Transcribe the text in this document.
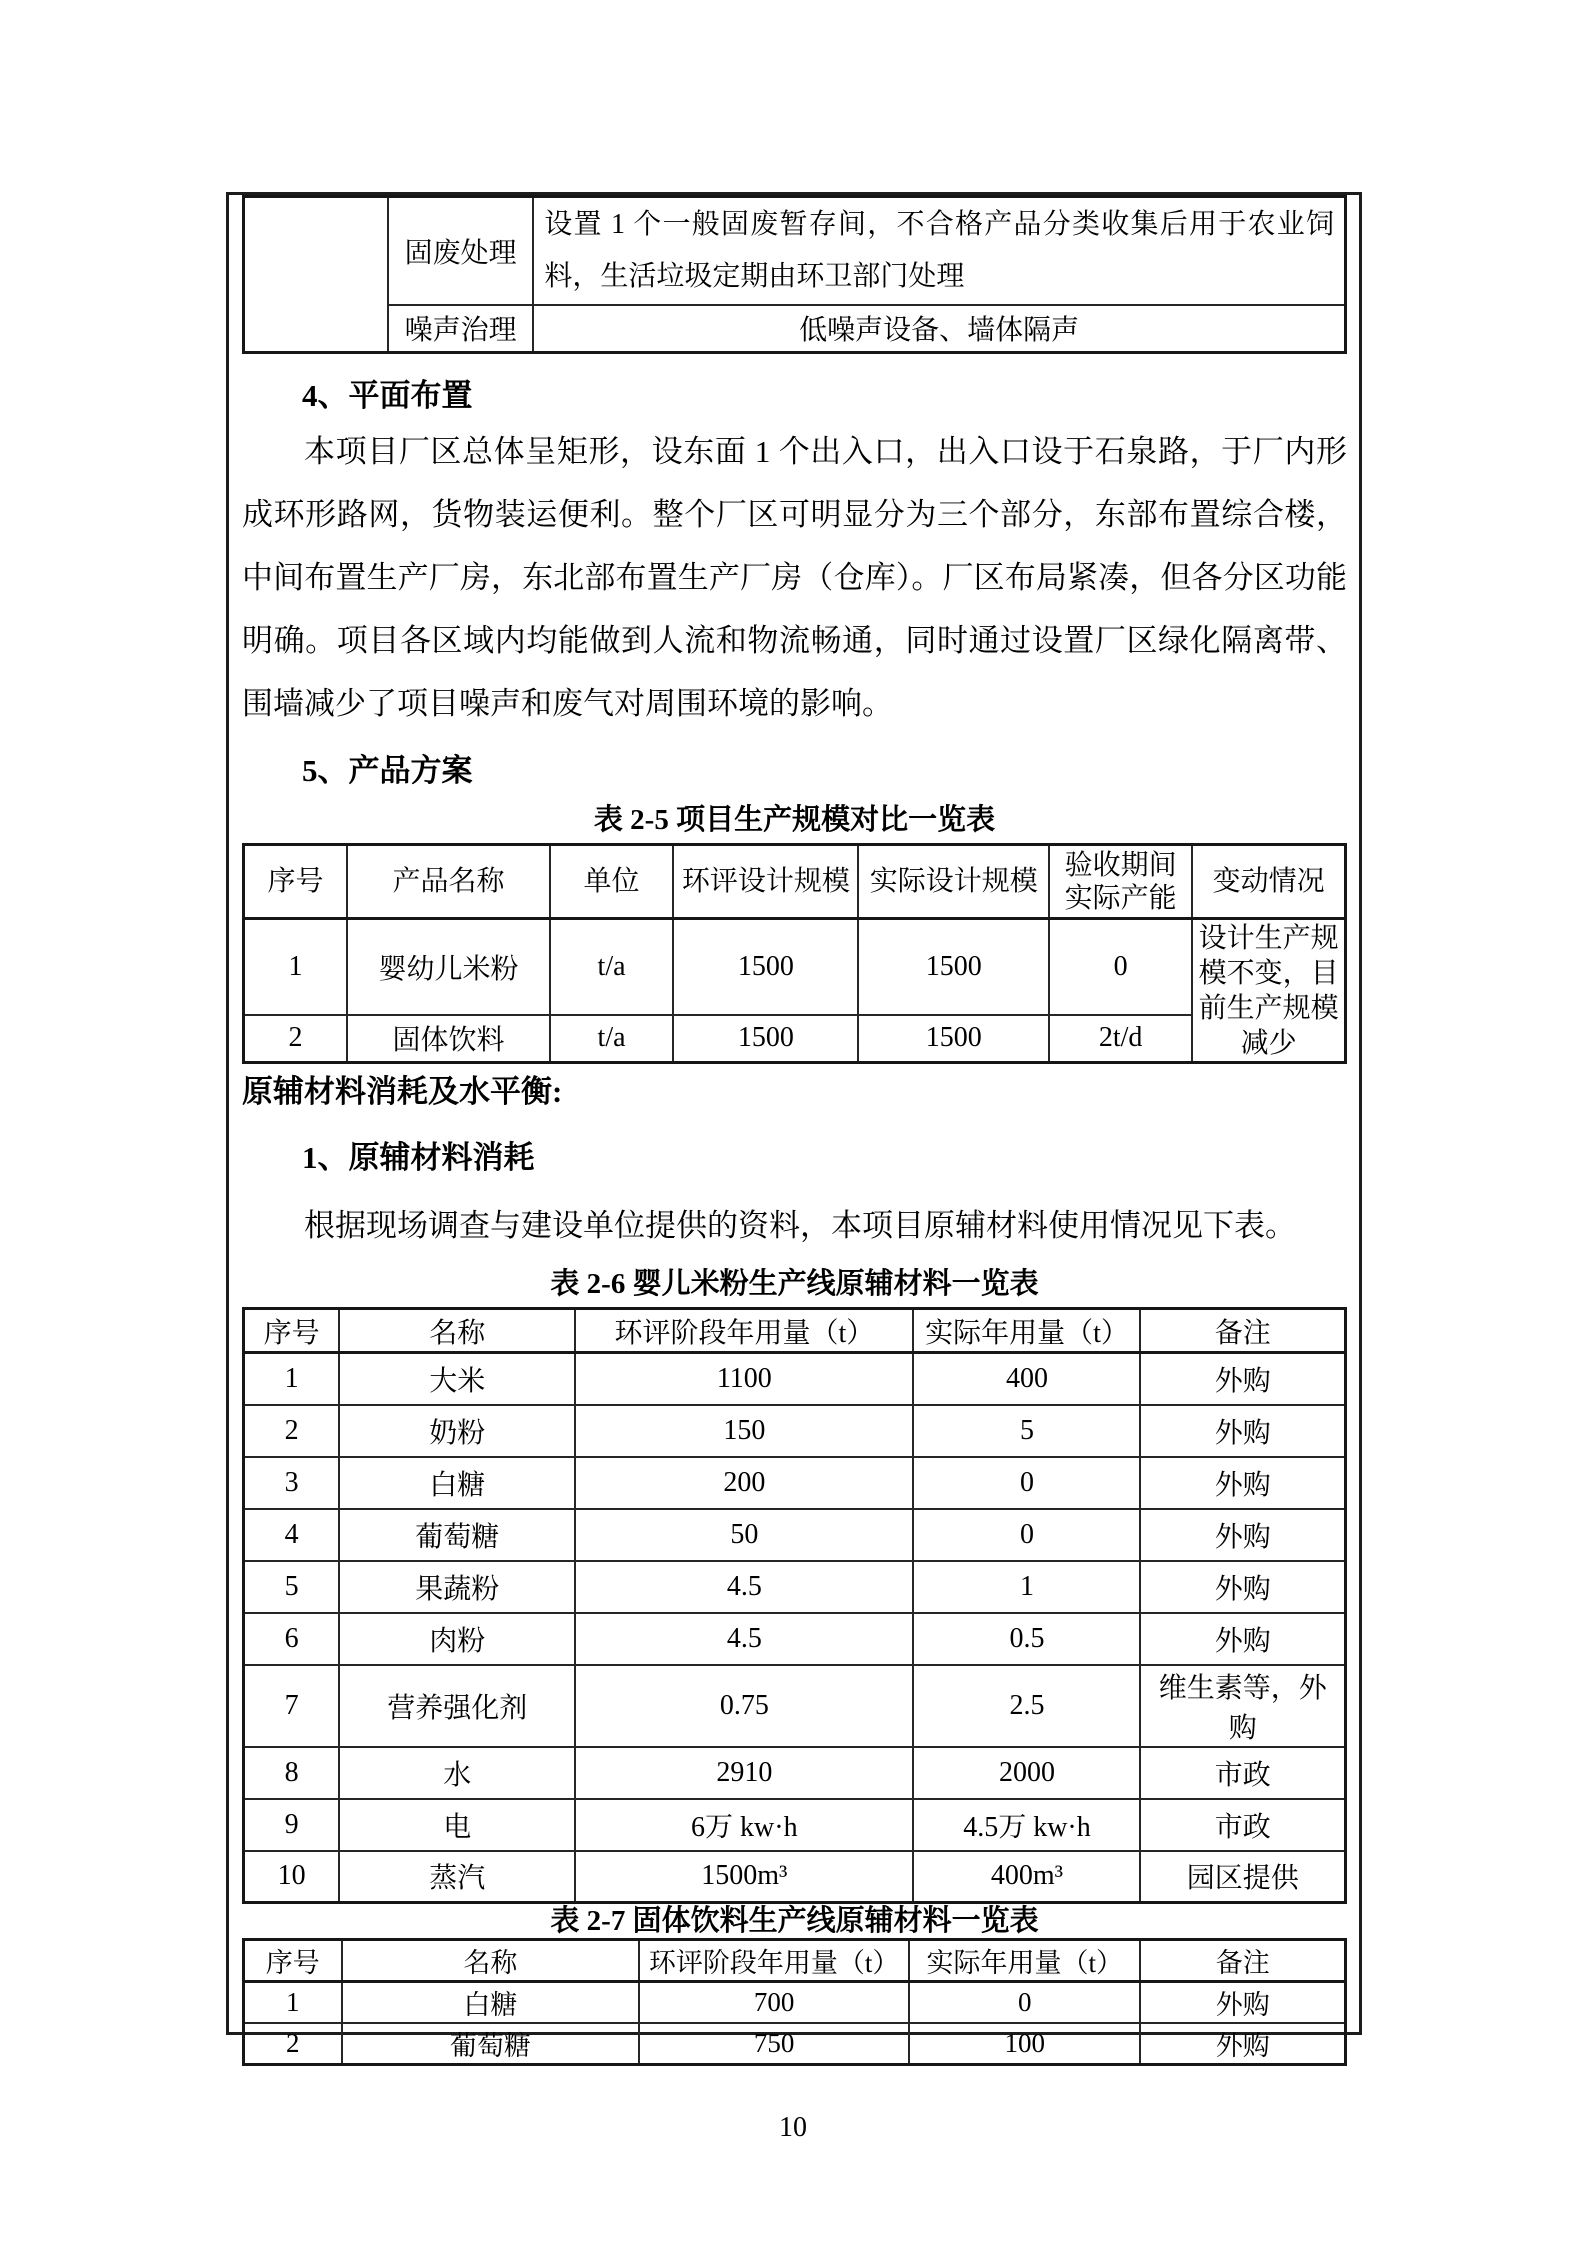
	固废处理	设置 1 个一般固废暂存间，不合格产品分类收集后用于农业饲料，生活垃圾定期由环卫部门处理
	噪声治理	低噪声设备、墙体隔声
4、平面布置

本项目厂区总体呈矩形，设东面 1 个出入口，出入口设于石泉路，于厂内形成环形路网，货物装运便利。整个厂区可明显分为三个部分，东部布置综合楼，中间布置生产厂房，东北部布置生产厂房（仓库）。厂区布局紧凑，但各分区功能明确。项目各区域内均能做到人流和物流畅通，同时通过设置厂区绿化隔离带、围墙减少了项目噪声和废气对周围环境的影响。

5、产品方案
表 2-5 项目生产规模对比一览表
序号	产品名称	单位	环评设计规模	实际设计规模	验收期间实际产能	变动情况
1	婴幼儿米粉	t/a	1500	1500	0	设计生产规模不变，目前生产规模减少
2	固体饮料	t/a	1500	1500	2t/d	
原辅材料消耗及水平衡:
1、原辅材料消耗

根据现场调查与建设单位提供的资料，本项目原辅材料使用情况见下表。

表 2-6 婴儿米粉生产线原辅材料一览表
序号	名称	环评阶段年用量（t）	实际年用量（t）	备注
1	大米	1100	400	外购
2	奶粉	150	5	外购
3	白糖	200	0	外购
4	葡萄糖	50	0	外购
5	果蔬粉	4.5	1	外购
6	肉粉	4.5	0.5	外购
7	营养强化剂	0.75	2.5	维生素等，外购
8	水	2910	2000	市政
9	电	6万 kw·h	4.5万 kw·h	市政
10	蒸汽	1500m³	400m³	园区提供
表 2-7 固体饮料生产线原辅材料一览表
序号	名称	环评阶段年用量（t）	实际年用量（t）	备注
1	白糖	700	0	外购
2	葡萄糖	750	100	外购
10
